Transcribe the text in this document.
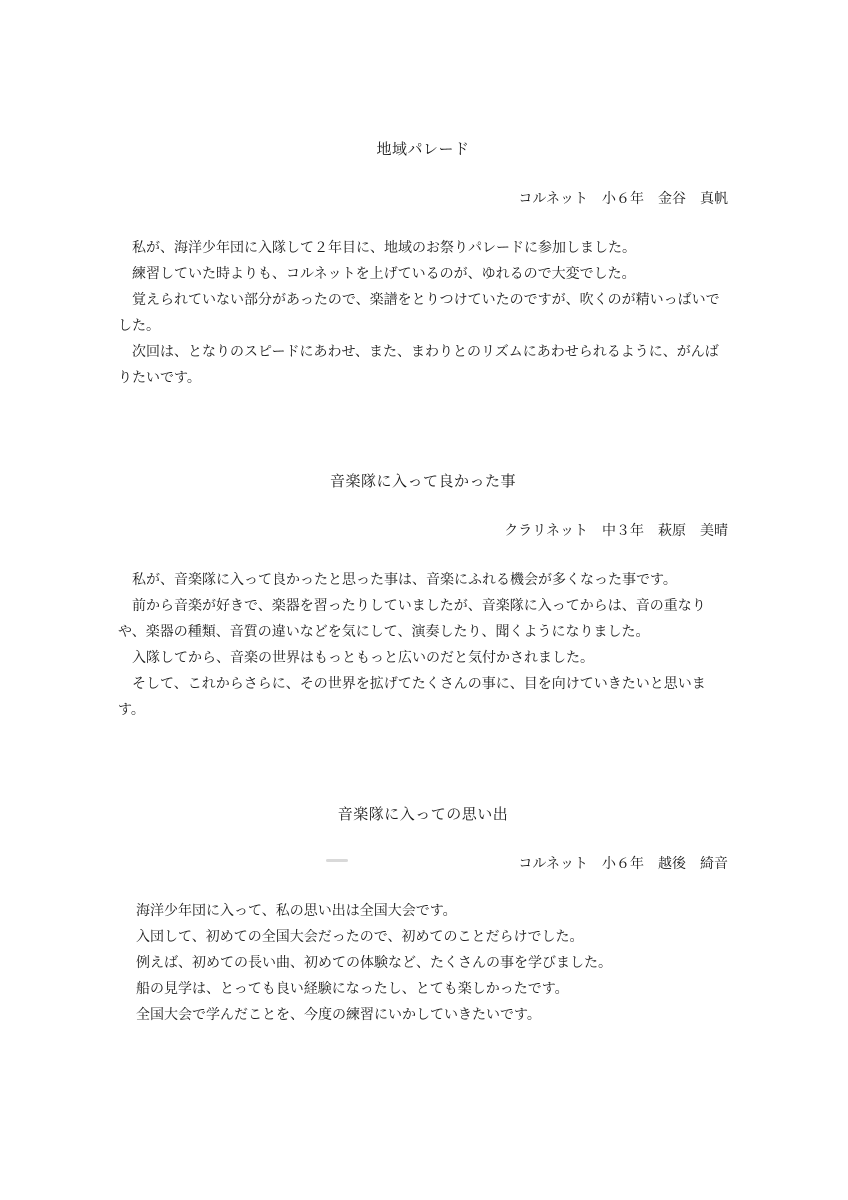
地域パレード

コルネット　小６年　金谷　真帆

私が、海洋少年団に入隊して２年目に、地域のお祭りパレードに参加しました。

練習していた時よりも、コルネットを上げているのが、ゆれるので大変でした。

覚えられていない部分があったので、楽譜をとりつけていたのですが、吹くのが精いっぱいでした。

次回は、となりのスピードにあわせ、また、まわりとのリズムにあわせられるように、がんばりたいです。

音楽隊に入って良かった事

クラリネット　中３年　萩原　美晴

私が、音楽隊に入って良かったと思った事は、音楽にふれる機会が多くなった事です。

前から音楽が好きで、楽器を習ったりしていましたが、音楽隊に入ってからは、音の重なりや、楽器の種類、音質の違いなどを気にして、演奏したり、聞くようになりました。

入隊してから、音楽の世界はもっともっと広いのだと気付かされました。

そして、これからさらに、その世界を拡げてたくさんの事に、目を向けていきたいと思います。

音楽隊に入っての思い出

コルネット　小６年　越後　綺音

海洋少年団に入って、私の思い出は全国大会です。

入団して、初めての全国大会だったので、初めてのことだらけでした。

例えば、初めての長い曲、初めての体験など、たくさんの事を学びました。

船の見学は、とっても良い経験になったし、とても楽しかったです。

全国大会で学んだことを、今度の練習にいかしていきたいです。
